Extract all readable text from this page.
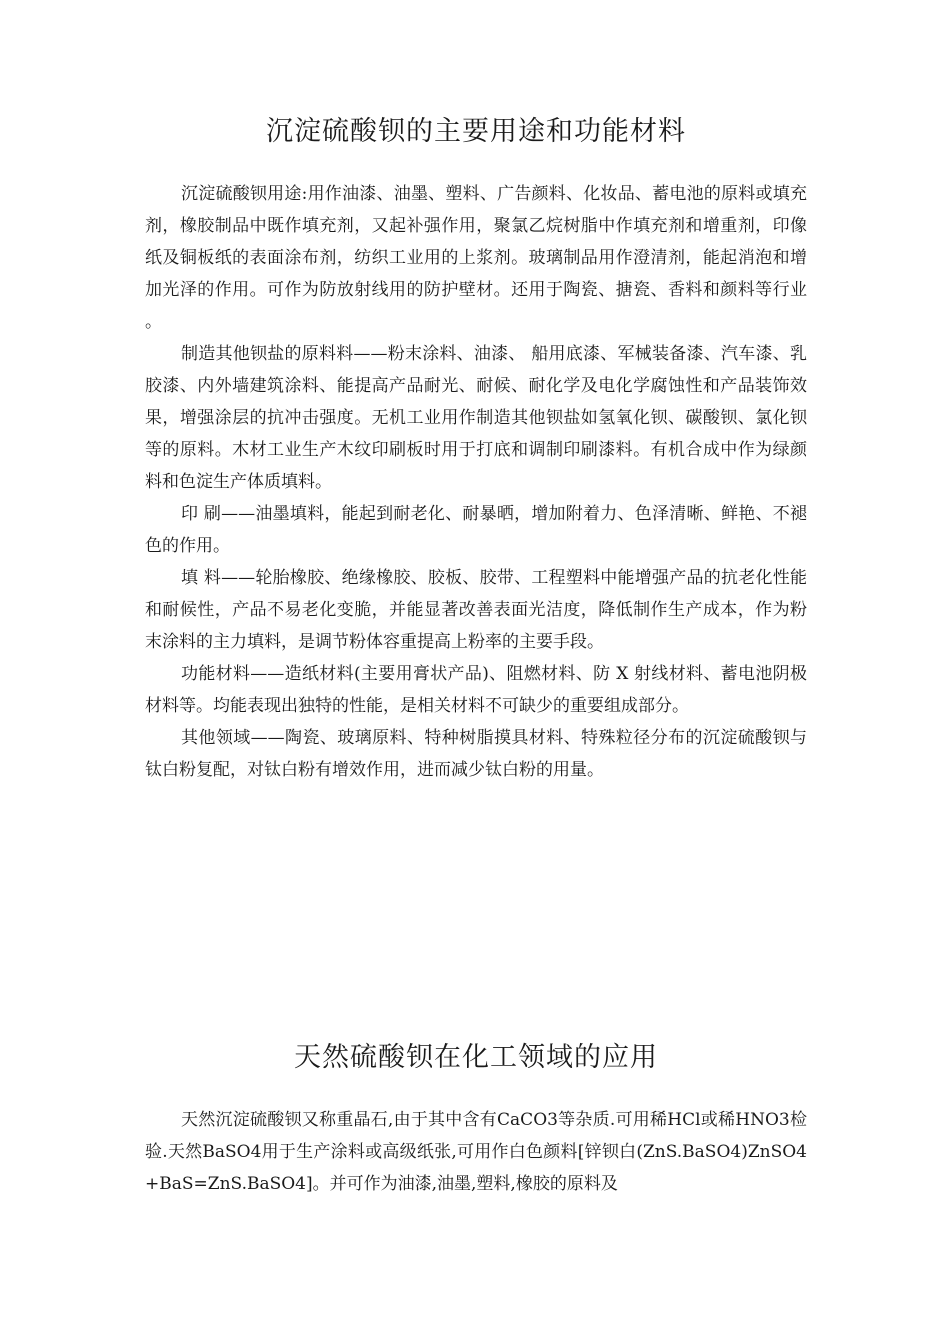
沉淀硫酸钡的主要用途和功能材料

沉淀硫酸钡用途:用作油漆、油墨、塑料、广告颜料、化妆品、蓄电池的原料或填充剂，橡胶制品中既作填充剂，又起补强作用，聚氯乙烷树脂中作填充剂和增重剂，印像纸及铜板纸的表面涂布剂，纺织工业用的上浆剂。玻璃制品用作澄清剂，能起消泡和增加光泽的作用。可作为防放射线用的防护壁材。还用于陶瓷、搪瓷、香料和颜料等行业。

制造其他钡盐的原料料——粉末涂料、油漆、 船用底漆、军械装备漆、汽车漆、乳胶漆、内外墙建筑涂料、能提高产品耐光、耐候、耐化学及电化学腐蚀性和产品装饰效果，增强涂层的抗冲击强度。无机工业用作制造其他钡盐如氢氧化钡、碳酸钡、氯化钡等的原料。木材工业生产木纹印刷板时用于打底和调制印刷漆料。有机合成中作为绿颜料和色淀生产体质填料。

印 刷——油墨填料，能起到耐老化、耐暴晒，增加附着力、色泽清晰、鲜艳、不褪色的作用。

填 料——轮胎橡胶、绝缘橡胶、胶板、胶带、工程塑料中能增强产品的抗老化性能和耐候性，产品不易老化变脆，并能显著改善表面光洁度，降低制作生产成本，作为粉末涂料的主力填料，是调节粉体容重提高上粉率的主要手段。

功能材料——造纸材料(主要用膏状产品)、阻燃材料、防 X 射线材料、蓄电池阴极材料等。均能表现出独特的性能，是相关材料不可缺少的重要组成部分。

其他领域——陶瓷、玻璃原料、特种树脂摸具材料、特殊粒径分布的沉淀硫酸钡与钛白粉复配，对钛白粉有增效作用，进而减少钛白粉的用量。

天然硫酸钡在化工领域的应用

天然沉淀硫酸钡又称重晶石,由于其中含有CaCO3等杂质.可用稀HCl或稀HNO3检验.天然BaSO4用于生产涂料或高级纸张,可用作白色颜料[锌钡白(ZnS.BaSO4)ZnSO4+BaS=ZnS.BaSO4]。并可作为油漆,油墨,塑料,橡胶的原料及
